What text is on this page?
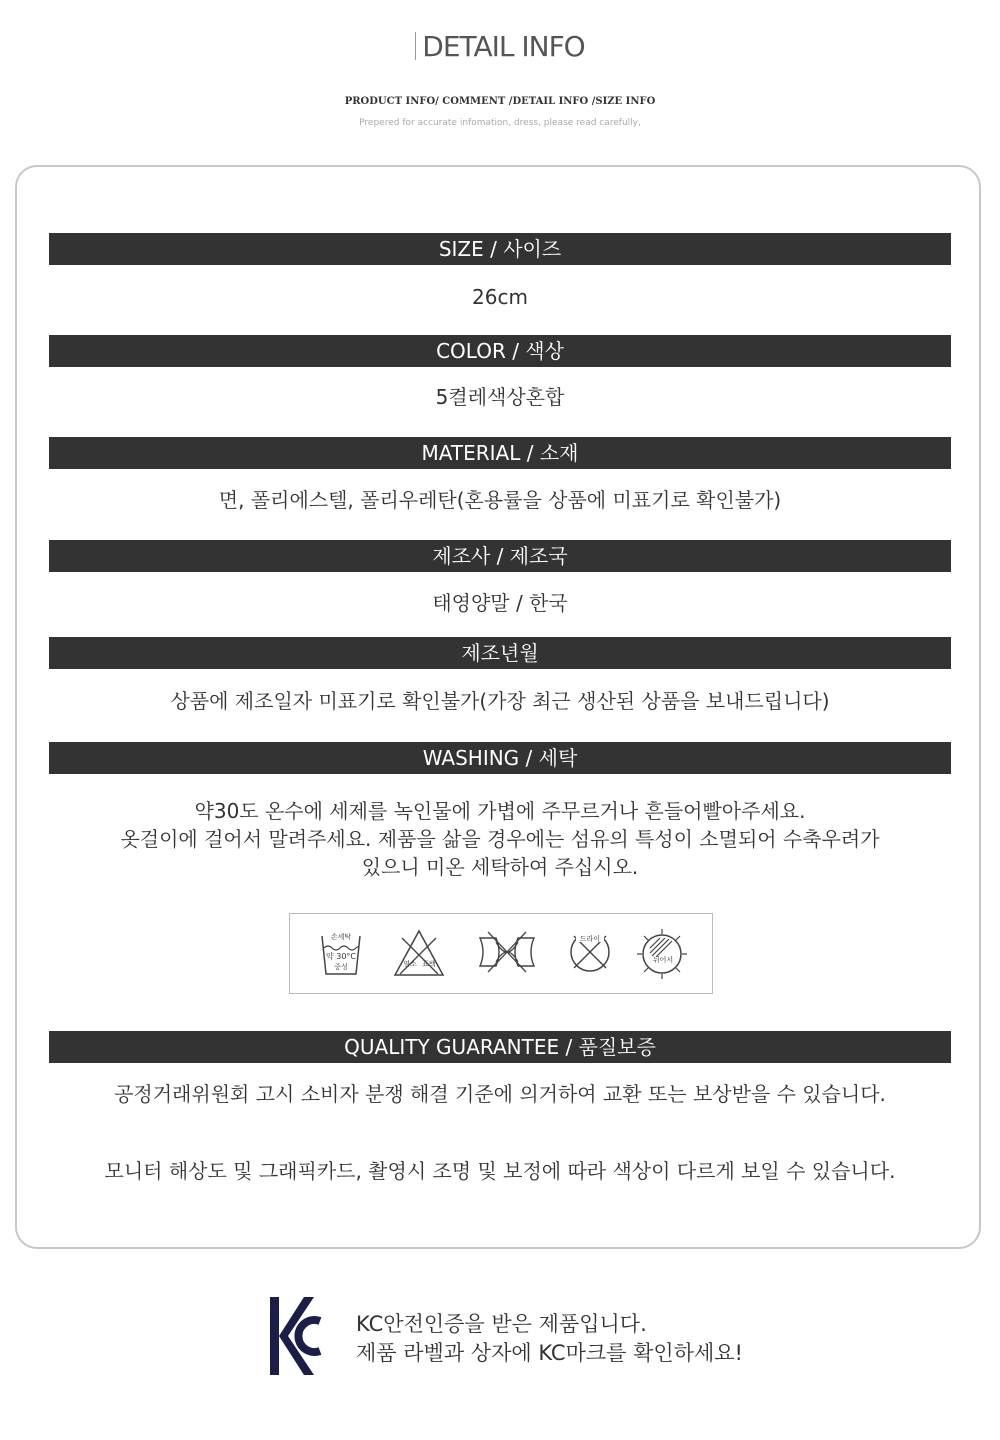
DETAIL INFO
PRODUCT INFO/ COMMENT /DETAIL INFO /SIZE INFO
Prepered for accurate infomation, dress, please read carefully,
SIZE / 사이즈
26cm
COLOR / 색상
5켤레색상혼합
MATERIAL / 소재
면, 폴리에스텔, 폴리우레탄(혼용률을 상품에 미표기로 확인불가)
제조사 / 제조국
태영양말 / 한국
제조년월
상품에 제조일자 미표기로 확인불가(가장 최근 생산된 상품을 보내드립니다)
WASHING / 세탁
약30도 온수에 세제를 녹인물에 가볍에 주무르거나 흔들어빨아주세요.
옷걸이에 걸어서 말려주세요. 제품을 삶을 경우에는 섬유의 특성이 소멸되어 수축우려가
있으니 미온 세탁하여 주십시오.
손세탁
약 30°C
중성	염소 표백
드라이
뉘어서
QUALITY GUARANTEE / 품질보증
공정거래위원회 고시 소비자 분쟁 해결 기준에 의거하여 교환 또는 보상받을 수 있습니다.
모니터 해상도 및 그래픽카드, 촬영시 조명 및 보정에 따라 색상이 다르게 보일 수 있습니다.
KC안전인증을 받은 제품입니다.
제품 라벨과 상자에 KC마크를 확인하세요!
